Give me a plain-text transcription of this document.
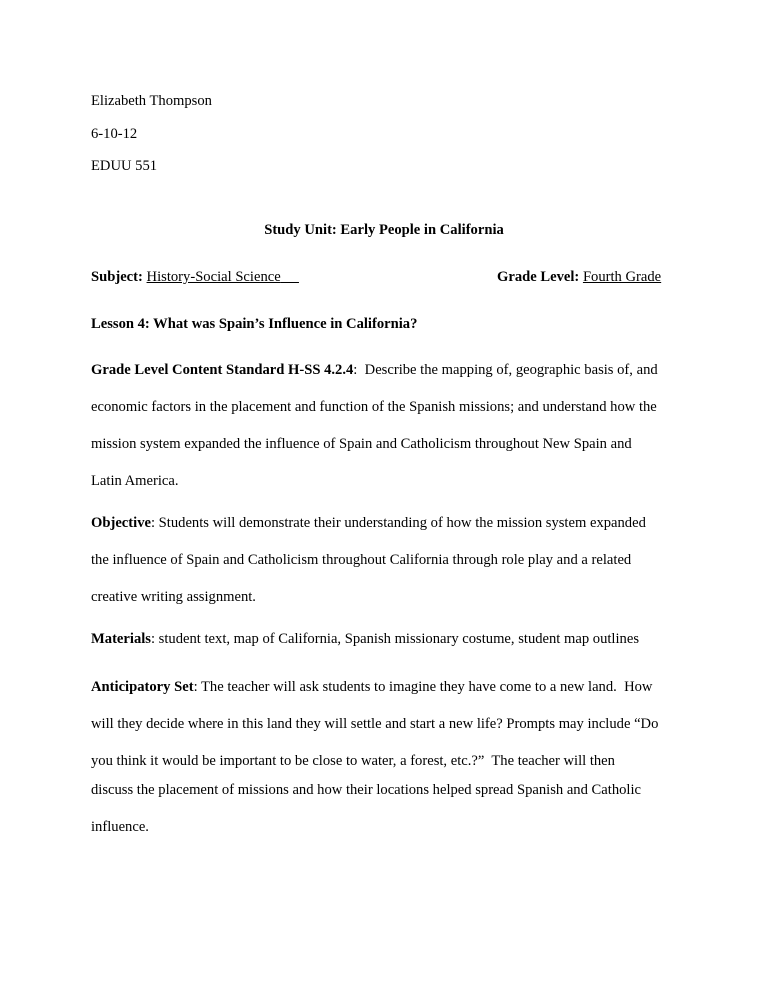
Elizabeth Thompson
6-10-12
EDUU 551
Study Unit: Early People in California
Subject: History-Social Science	Grade Level: Fourth Grade
Lesson 4: What was Spain’s Influence in California?
Grade Level Content Standard H-SS 4.2.4: Describe the mapping of, geographic basis of, and
economic factors in the placement and function of the Spanish missions; and understand how the
mission system expanded the influence of Spain and Catholicism throughout New Spain and
Latin America.
Objective: Students will demonstrate their understanding of how the mission system expanded
the influence of Spain and Catholicism throughout California through role play and a related
creative writing assignment.
Materials: student text, map of California, Spanish missionary costume, student map outlines
Anticipatory Set: The teacher will ask students to imagine they have come to a new land.  How
will they decide where in this land they will settle and start a new life? Prompts may include “Do
you think it would be important to be close to water, a forest, etc.?”  The teacher will then
discuss the placement of missions and how their locations helped spread Spanish and Catholic
influence.
